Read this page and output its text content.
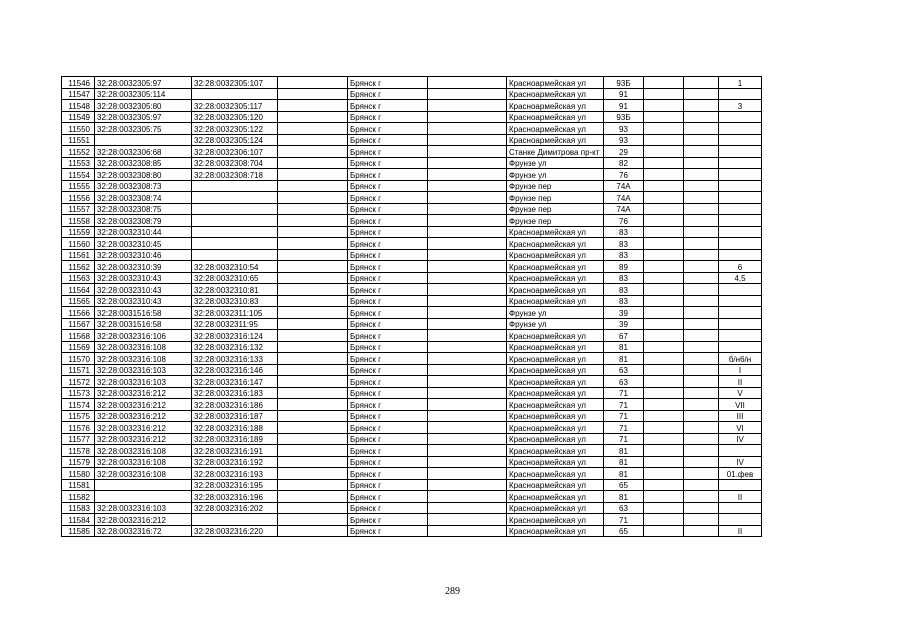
11546	32:28:0032305:97	32:28:0032305:107		Брянск г		Красноармейская ул	93Б			1
11547	32:28:0032305:114			Брянск г		Красноармейская ул	91			
11548	32:28:0032305:80	32:28:0032305:117		Брянск г		Красноармейская ул	91			3
11549	32:28:0032305:97	32:28:0032305:120		Брянск г		Красноармейская ул	93Б			
11550	32:28:0032305:75	32:28:0032305:122		Брянск г		Красноармейская ул	93			
11551		32:28:0032305:124		Брянск г		Красноармейская ул	93			
11552	32:28:0032306:68	32:28:0032306:107		Брянск г		Станке Димитрова пр-кт	29			
11553	32:28:0032308:85	32:28:0032308:704		Брянск г		Фрунзе ул	82			
11554	32:28:0032308:80	32:28:0032308:718		Брянск г		Фрунзе ул	76			
11555	32:28:0032308:73			Брянск г		Фрунзе пер	74А			
11556	32:28:0032308:74			Брянск г		Фрунзе пер	74А			
11557	32:28:0032308:75			Брянск г		Фрунзе пер	74А			
11558	32:28:0032308:79			Брянск г		Фрунзе пер	76			
11559	32:28:0032310:44			Брянск г		Красноармейская ул	83			
11560	32:28:0032310:45			Брянск г		Красноармейская ул	83			
11561	32:28:0032310:46			Брянск г		Красноармейская ул	83			
11562	32:28:0032310:39	32:28:0032310:54		Брянск г		Красноармейская ул	89			6
11563	32:28:0032310:43	32:28:0032310:65		Брянск г		Красноармейская ул	83			4,5
11564	32:28:0032310:43	32:28:0032310:81		Брянск г		Красноармейская ул	83			
11565	32:28:0032310:43	32:28:0032310:83		Брянск г		Красноармейская ул	83			
11566	32:28:0031516:58	32:28:0032311:105		Брянск г		Фрунзе ул	39			
11567	32:28:0031516:58	32:28:0032311:95		Брянск г		Фрунзе ул	39			
11568	32:28:0032316:106	32:28:0032316:124		Брянск г		Красноармейская ул	67			
11569	32:28:0032316:108	32:28:0032316:132		Брянск г		Красноармейская ул	81			
11570	32:28:0032316:108	32:28:0032316:133		Брянск г		Красноармейская ул	81			б/н6/н
11571	32:28:0032316:103	32:28:0032316:146		Брянск г		Красноармейская ул	63			I
11572	32:28:0032316:103	32:28:0032316:147		Брянск г		Красноармейская ул	63			II
11573	32:28:0032316:212	32:28:0032316:183		Брянск г		Красноармейская ул	71			V
11574	32:28:0032316:212	32:28:0032316:186		Брянск г		Красноармейская ул	71			VII
11575	32:28:0032316:212	32:28:0032316:187		Брянск г		Красноармейская ул	71			III
11576	32:28:0032316:212	32:28:0032316:188		Брянск г		Красноармейская ул	71			VI
11577	32:28:0032316:212	32:28:0032316:189		Брянск г		Красноармейская ул	71			IV
11578	32:28:0032316:108	32:28:0032316:191		Брянск г		Красноармейская ул	81			
11579	32:28:0032316:108	32:28:0032316:192		Брянск г		Красноармейская ул	81			IV
11580	32:28:0032316:108	32:28:0032316:193		Брянск г		Красноармейская ул	81			01.фев
11581		32:28:0032316:195		Брянск г		Красноармейская ул	65			
11582		32:28:0032316:196		Брянск г		Красноармейская ул	81			II
11583	32:28:0032316:103	32:28:0032316:202		Брянск г		Красноармейская ул	63			
11584	32:28:0032316:212			Брянск г		Красноармейская ул	71			
11585	32:28:0032316:72	32:28:0032316:220		Брянск г		Красноармейская ул	65			II
289
